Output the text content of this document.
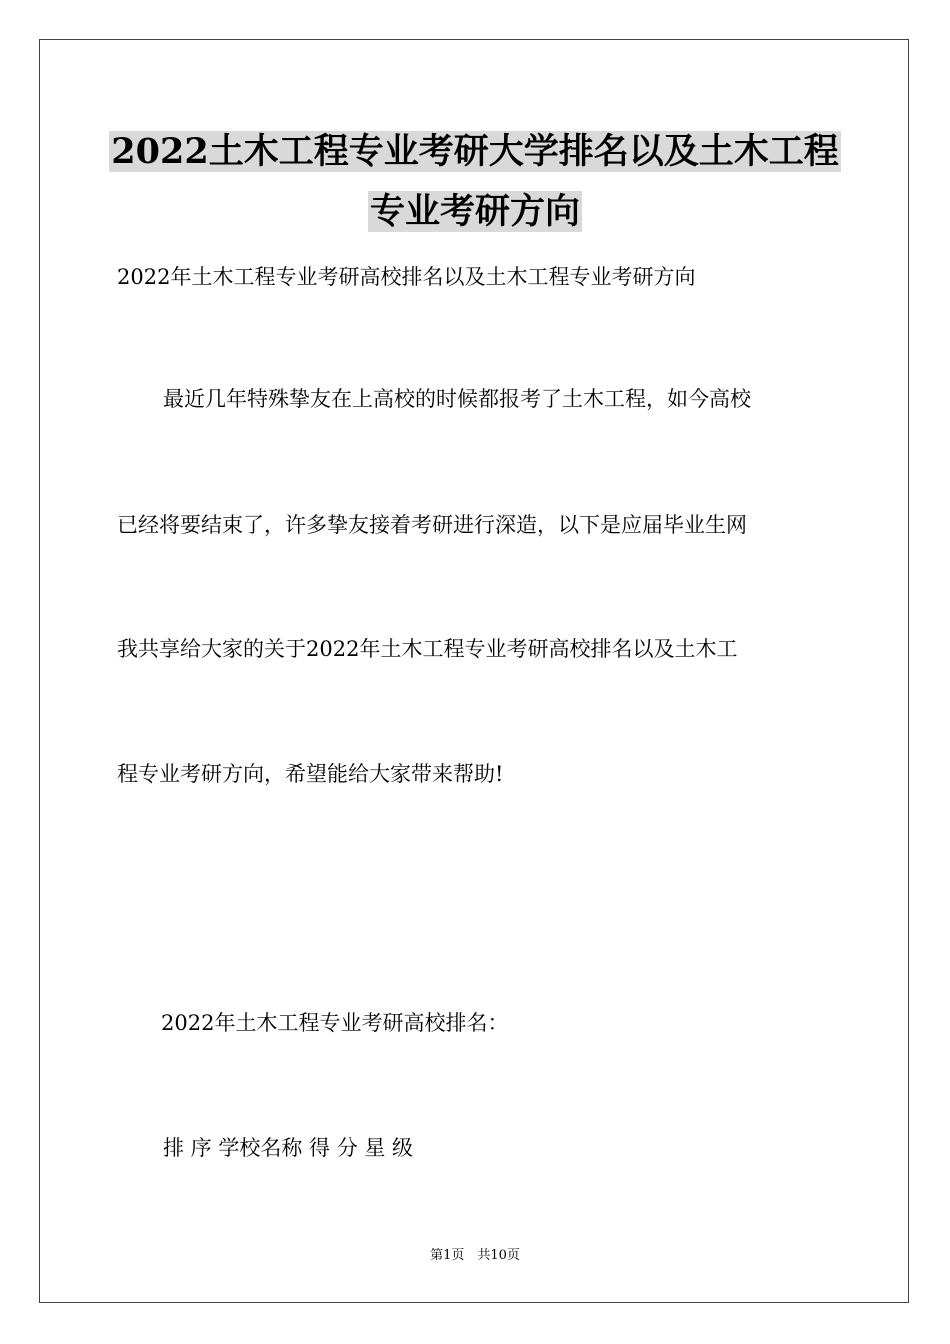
2022土木工程专业考研大学排名以及土木工程
专业考研方向
2022年土木工程专业考研高校排名以及土木工程专业考研方向
最近几年特殊挚友在上高校的时候都报考了土木工程，如今高校
已经将要结束了，许多挚友接着考研进行深造，以下是应届毕业生网
我共享给大家的关于2022年土木工程专业考研高校排名以及土木工
程专业考研方向，希望能给大家带来帮助!
2022年土木工程专业考研高校排名：
排 序 学校名称 得 分 星 级
第1页　共10页
